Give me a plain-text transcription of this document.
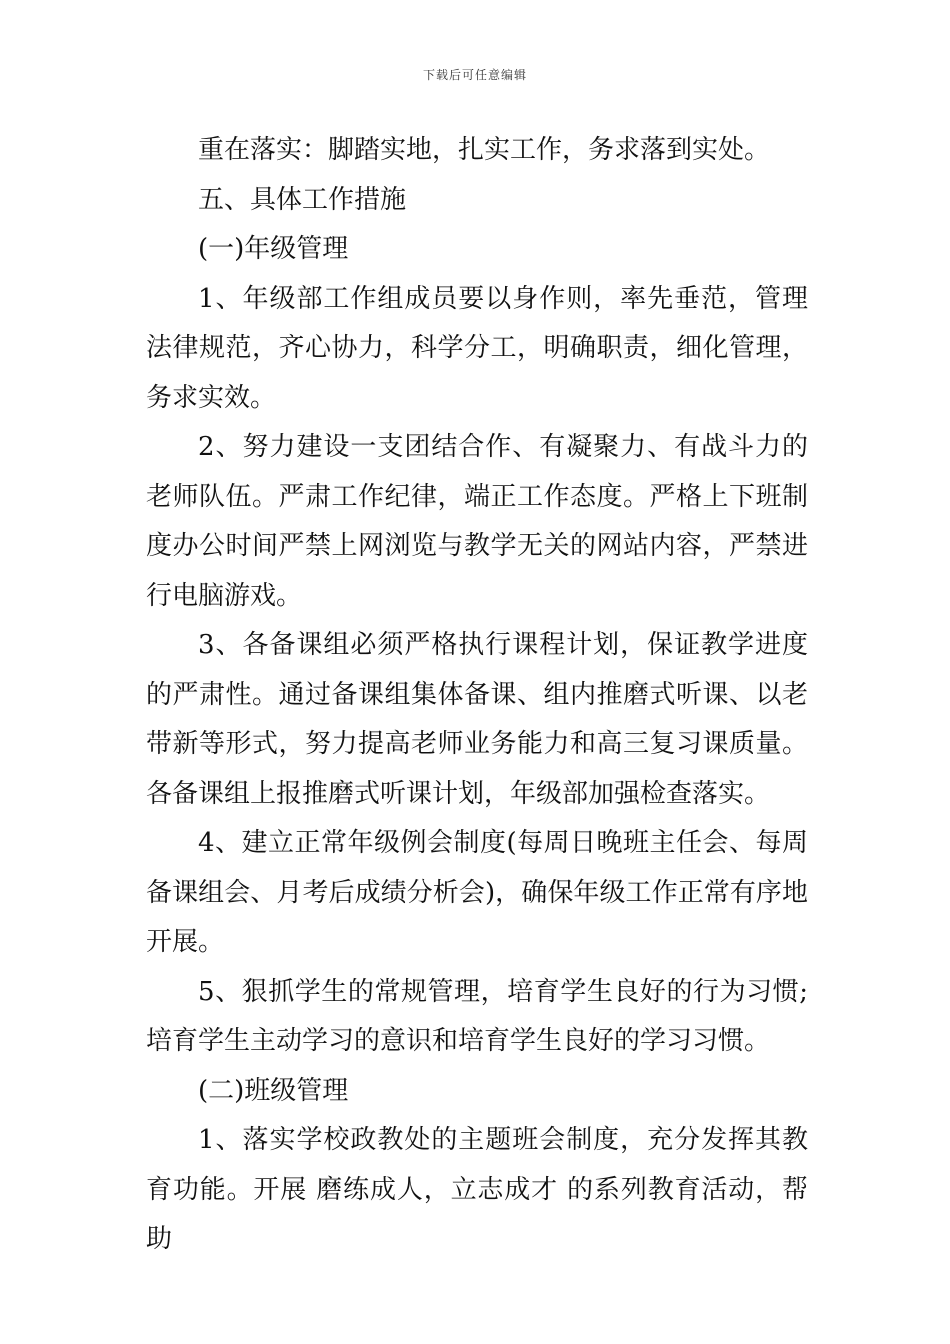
下载后可任意编辑

重在落实：脚踏实地，扎实工作，务求落到实处。

五、具体工作措施

(一)年级管理

1、年级部工作组成员要以身作则，率先垂范，管理法律规范，齐心协力，科学分工，明确职责，细化管理，务求实效。

2、努力建设一支团结合作、有凝聚力、有战斗力的老师队伍。严肃工作纪律，端正工作态度。严格上下班制度办公时间严禁上网浏览与教学无关的网站内容，严禁进行电脑游戏。

3、各备课组必须严格执行课程计划，保证教学进度的严肃性。通过备课组集体备课、组内推磨式听课、以老带新等形式，努力提高老师业务能力和高三复习课质量。各备课组上报推磨式听课计划，年级部加强检查落实。

4、建立正常年级例会制度(每周日晚班主任会、每周备课组会、月考后成绩分析会)，确保年级工作正常有序地开展。

5、狠抓学生的常规管理，培育学生良好的行为习惯;培育学生主动学习的意识和培育学生良好的学习习惯。

(二)班级管理

1、落实学校政教处的主题班会制度，充分发挥其教育功能。开展 磨练成人，立志成才 的系列教育活动，帮助
